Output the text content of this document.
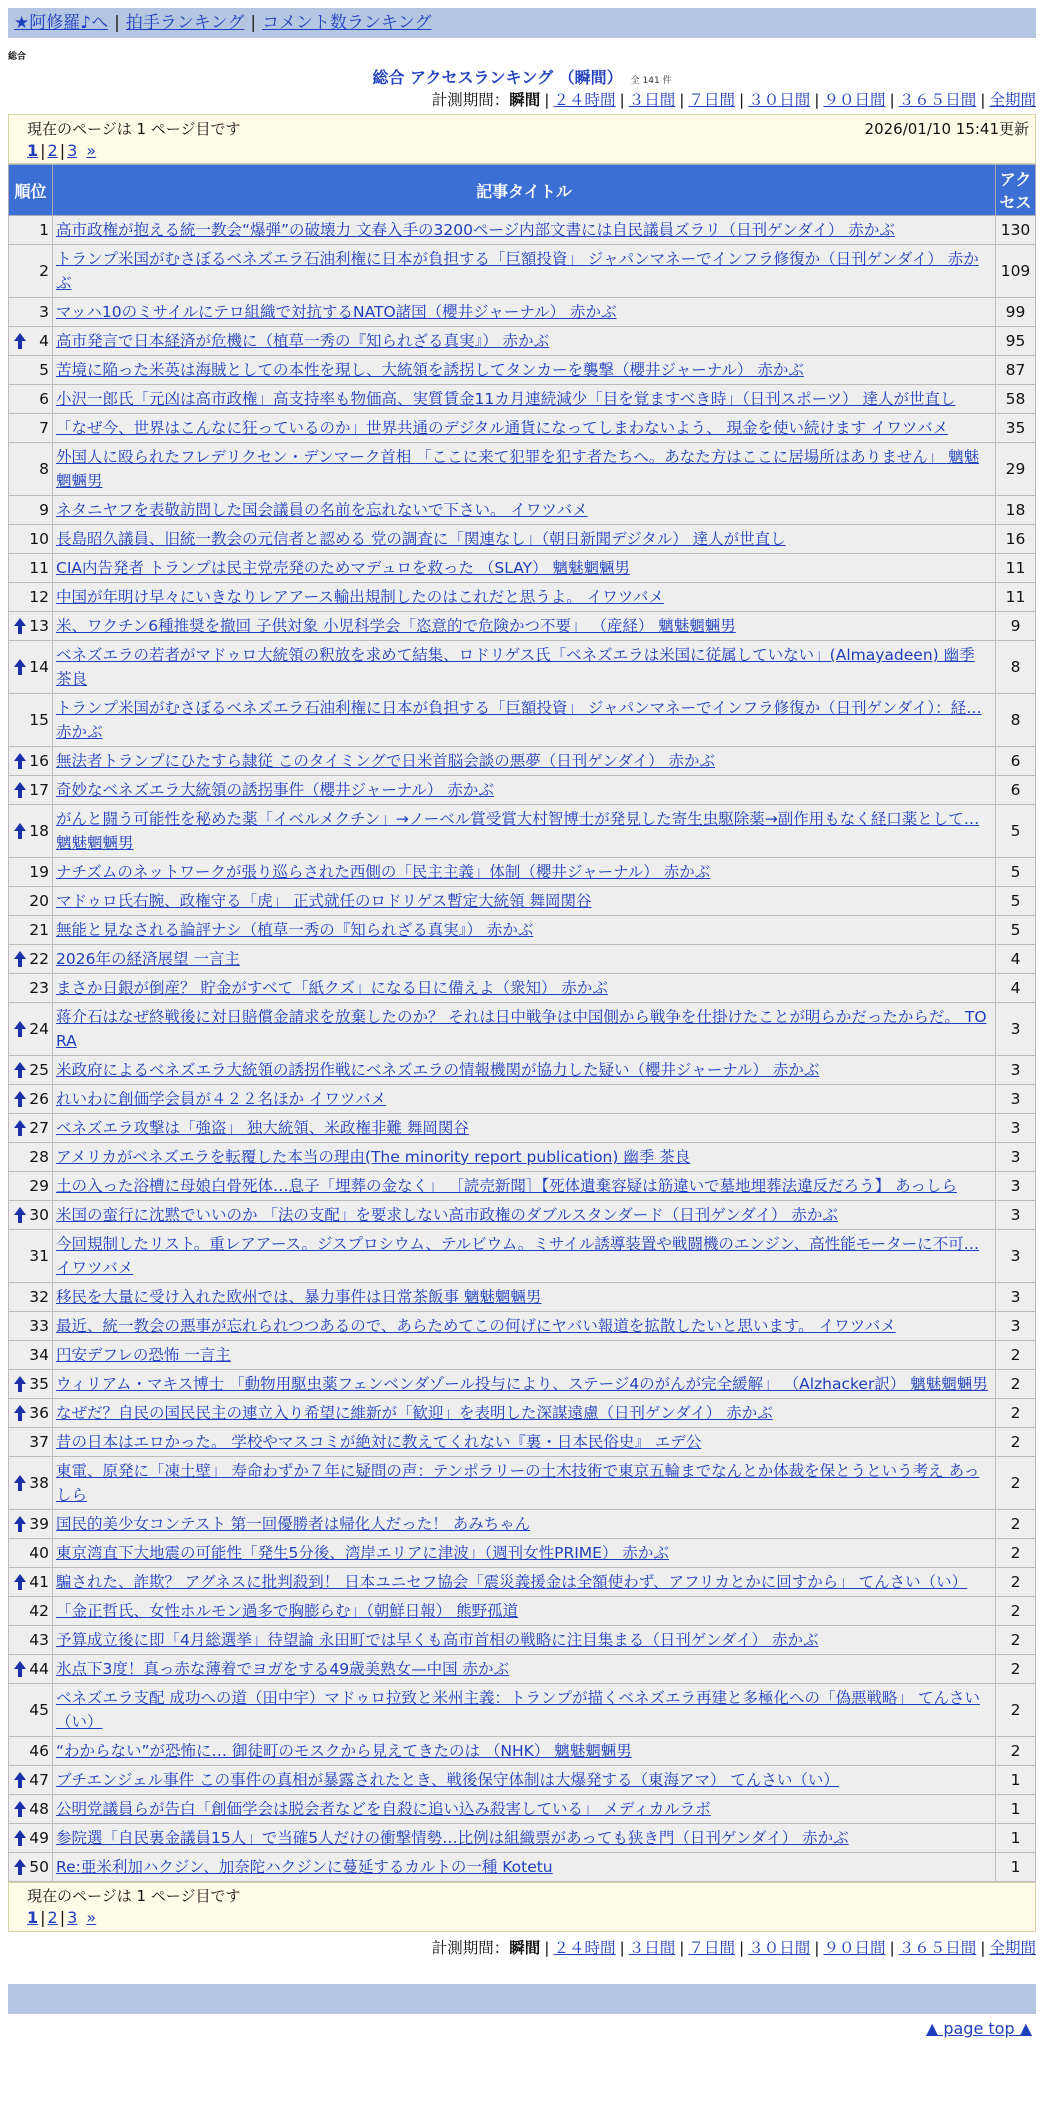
★阿修羅♪へ | 拍手ランキング | コメント数ランキング
総合
総合 アクセスランキング （瞬間） 全 141 件
計測期間：瞬間 | ２４時間 | ３日間 | ７日間 | ３０日間 | ９０日間 | ３６５日間 | 全期間
現在のページは 1 ページ目です	2026/01/10 15:41更新
1 | 2 | 3 »
順位	記事タイトル	アクセス
1	高市政権が抱える統一教会“爆弾”の破壊力 文春入手の3200ページ内部文書には自民議員ズラリ（日刊ゲンダイ） 赤かぶ	130
2	トランプ米国がむさぼるベネズエラ石油利権に日本が負担する「巨額投資」 ジャパンマネーでインフラ修復か（日刊ゲンダイ） 赤かぶ	109
3	マッハ10のミサイルにテロ組織で対抗するNATO諸国（櫻井ジャーナル） 赤かぶ	99

4	高市発言で日本経済が危機に（植草一秀の『知られざる真実』） 赤かぶ	95
5	苦境に陥った米英は海賊としての本性を現し、大統領を誘拐してタンカーを襲撃（櫻井ジャーナル） 赤かぶ	87
6	小沢一郎氏「元凶は高市政権」高支持率も物価高、実質賃金11カ月連続減少「目を覚ますべき時」（日刊スポーツ） 達人が世直し	58
7	「なぜ今、世界はこんなに狂っているのか」世界共通のデジタル通貨になってしまわないよう、 現金を使い続けます イワツバメ	35
8	外国人に殴られたフレデリクセン・デンマーク首相 「ここに来て犯罪を犯す者たちへ。あなた方はここに居場所はありません」 魑魅魍魎男	29
9	ネタニヤフを表敬訪問した国会議員の名前を忘れないで下さい。 イワツバメ	18
10	長島昭久議員、旧統一教会の元信者と認める 党の調査に「関連なし」（朝日新聞デジタル） 達人が世直し	16
11	CIA内告発者 トランプは民主党売発のためマデュロを救った （SLAY） 魑魅魍魎男	11
12	中国が年明け早々にいきなりレアアース輸出規制したのはこれだと思うよ。 イワツバメ	11

13	米、ワクチン6種推奨を撤回 子供対象 小児科学会「恣意的で危険かつ不要」 （産経） 魑魅魍魎男	9

14	ベネズエラの若者がマドゥロ大統領の釈放を求めて結集、ロドリゲス氏「ベネズエラは米国に従属していない」(Almayadeen) 幽季 茶良	8
15	トランプ米国がむさぼるベネズエラ石油利権に日本が負担する「巨額投資」 ジャパンマネーでインフラ修復か（日刊ゲンダイ）：経… 赤かぶ	8

16	無法者トランプにひたすら隷従 このタイミングで日米首脳会談の悪夢（日刊ゲンダイ） 赤かぶ	6

17	奇妙なベネズエラ大統領の誘拐事件（櫻井ジャーナル） 赤かぶ	6

18	がんと闘う可能性を秘めた薬「イベルメクチン」→ノーベル賞受賞大村智博士が発見した寄生虫駆除薬→副作用もなく経口薬として… 魑魅魍魎男	5
19	ナチズムのネットワークが張り巡らされた西側の「民主主義」体制（櫻井ジャーナル） 赤かぶ	5
20	マドゥロ氏右腕、政権守る「虎」 正式就任のロドリゲス暫定大統領 舞岡関谷	5
21	無能と見なされる論評ナシ（植草一秀の『知られざる真実』） 赤かぶ	5

22	2026年の経済展望 一言主	4
23	まさか日銀が倒産？ 貯金がすべて「紙クズ」になる日に備えよ（衆知） 赤かぶ	4

24	蒋介石はなぜ終戦後に対日賠償金請求を放棄したのか？ それは日中戦争は中国側から戦争を仕掛けたことが明らかだったからだ。 TORA	3

25	米政府によるベネズエラ大統領の誘拐作戦にベネズエラの情報機関が協力した疑い（櫻井ジャーナル） 赤かぶ	3

26	れいわに創価学会員が４２２名ほか イワツバメ	3

27	ベネズエラ攻撃は「強盗」 独大統領、米政権非難 舞岡関谷	3
28	アメリカがベネズエラを転覆した本当の理由(The minority report publication) 幽季 茶良	3
29	土の入った浴槽に母娘白骨死体…息子「埋葬の金なく」 ［読売新聞］【死体遺棄容疑は筋違いで墓地埋葬法違反だろう】 あっしら	3

30	米国の蛮行に沈黙でいいのか 「法の支配」を要求しない高市政権のダブルスタンダード（日刊ゲンダイ） 赤かぶ	3
31	今回規制したリスト。重レアアース。ジスプロシウム、テルビウム。ミサイル誘導装置や戦闘機のエンジン、高性能モーターに不可… イワツバメ	3
32	移民を大量に受け入れた欧州では、暴力事件は日常茶飯事 魑魅魍魎男	3
33	最近、統一教会の悪事が忘れられつつあるので、あらためてこの何げにヤバい報道を拡散したいと思います。 イワツバメ	3
34	円安デフレの恐怖 一言主	2

35	ウィリアム・マキス博士 「動物用駆虫薬フェンベンダゾール投与により、ステージ4のがんが完全緩解」 （Alzhacker訳） 魑魅魍魎男	2

36	なぜだ？自民の国民民主の連立入り希望に維新が「歓迎」を表明した深謀遠慮（日刊ゲンダイ） 赤かぶ	2
37	昔の日本はエロかった。 学校やマスコミが絶対に教えてくれない『裏・日本民俗史』 エデ公	2

38	東電、原発に「凍土壁」 寿命わずか７年に疑問の声：テンポラリーの土木技術で東京五輪までなんとか体裁を保とうという考え あっしら	2

39	国民的美少女コンテスト 第一回優勝者は帰化人だった！ あみちゃん	2
40	東京湾直下大地震の可能性「発生5分後、湾岸エリアに津波」（週刊女性PRIME） 赤かぶ	2

41	騙された、詐欺？ アグネスに批判殺到！ 日本ユニセフ協会「震災義援金は全額使わず、アフリカとかに回すから」 てんさい（い）	2
42	「金正哲氏、女性ホルモン過多で胸膨らむ」（朝鮮日報） 熊野孤道	2
43	予算成立後に即「4月総選挙」待望論 永田町では早くも高市首相の戦略に注目集まる（日刊ゲンダイ） 赤かぶ	2

44	氷点下3度！真っ赤な薄着でヨガをする49歳美熟女—中国 赤かぶ	2
45	ベネズエラ支配 成功への道（田中宇）マドゥロ拉致と米州主義：トランプが描くベネズエラ再建と多極化への「偽悪戦略」 てんさい（い）	2
46	“わからない”が恐怖に… 御徒町のモスクから見えてきたのは （NHK） 魑魅魍魎男	2

47	ブチエンジェル事件 この事件の真相が暴露されたとき、戦後保守体制は大爆発する（東海アマ） てんさい（い）	1

48	公明党議員らが告白「創価学会は脱会者などを自殺に追い込み殺害している」 メディカルラボ	1

49	参院選「自民裏金議員15人」で当確5人だけの衝撃情勢…比例は組織票があっても狭き門（日刊ゲンダイ） 赤かぶ	1

50	Re:亜米利加ハクジン、加奈陀ハクジンに蔓延するカルトの一種 Kotetu	1
現在のページは 1 ページ目です
1 | 2 | 3 »
計測期間：瞬間 | ２４時間 | ３日間 | ７日間 | ３０日間 | ９０日間 | ３６５日間 | 全期間
▲ page top ▲
